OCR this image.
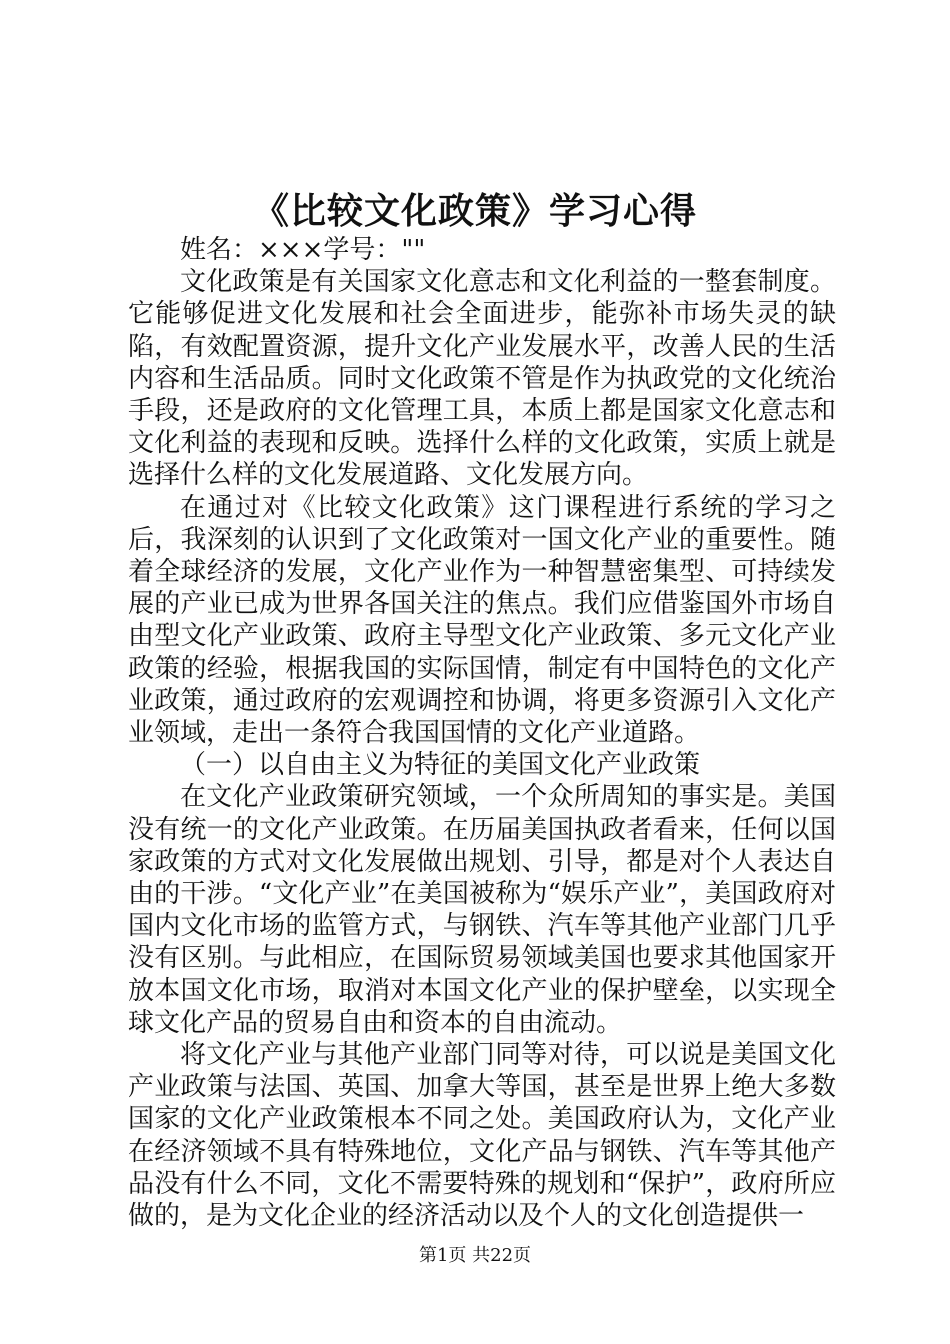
《比较文化政策》学习心得

姓名：×××学号：""

文化政策是有关国家文化意志和文化利益的一整套制度。它能够促进文化发展和社会全面进步，能弥补市场失灵的缺陷，有效配置资源，提升文化产业发展水平，改善人民的生活内容和生活品质。同时文化政策不管是作为执政党的文化统治手段，还是政府的文化管理工具，本质上都是国家文化意志和文化利益的表现和反映。选择什么样的文化政策，实质上就是选择什么样的文化发展道路、文化发展方向。

在通过对《比较文化政策》这门课程进行系统的学习之后，我深刻的认识到了文化政策对一国文化产业的重要性。随着全球经济的发展，文化产业作为一种智慧密集型、可持续发展的产业已成为世界各国关注的焦点。我们应借鉴国外市场自由型文化产业政策、政府主导型文化产业政策、多元文化产业政策的经验，根据我国的实际国情，制定有中国特色的文化产业政策，通过政府的宏观调控和协调，将更多资源引入文化产业领域，走出一条符合我国国情的文化产业道路。

（一）以自由主义为特征的美国文化产业政策

在文化产业政策研究领域，一个众所周知的事实是。美国没有统一的文化产业政策。在历届美国执政者看来，任何以国家政策的方式对文化发展做出规划、引导，都是对个人表达自由的干涉。“文化产业”在美国被称为“娱乐产业”，美国政府对国内文化市场的监管方式，与钢铁、汽车等其他产业部门几乎没有区别。与此相应，在国际贸易领域美国也要求其他国家开放本国文化市场，取消对本国文化产业的保护壁垒，以实现全球文化产品的贸易自由和资本的自由流动。

将文化产业与其他产业部门同等对待，可以说是美国文化产业政策与法国、英国、加拿大等国，甚至是世界上绝大多数国家的文化产业政策根本不同之处。美国政府认为，文化产业在经济领域不具有特殊地位，文化产品与钢铁、汽车等其他产品没有什么不同，文化不需要特殊的规划和“保护”，政府所应做的，是为文化企业的经济活动以及个人的文化创造提供一

第1页 共22页
